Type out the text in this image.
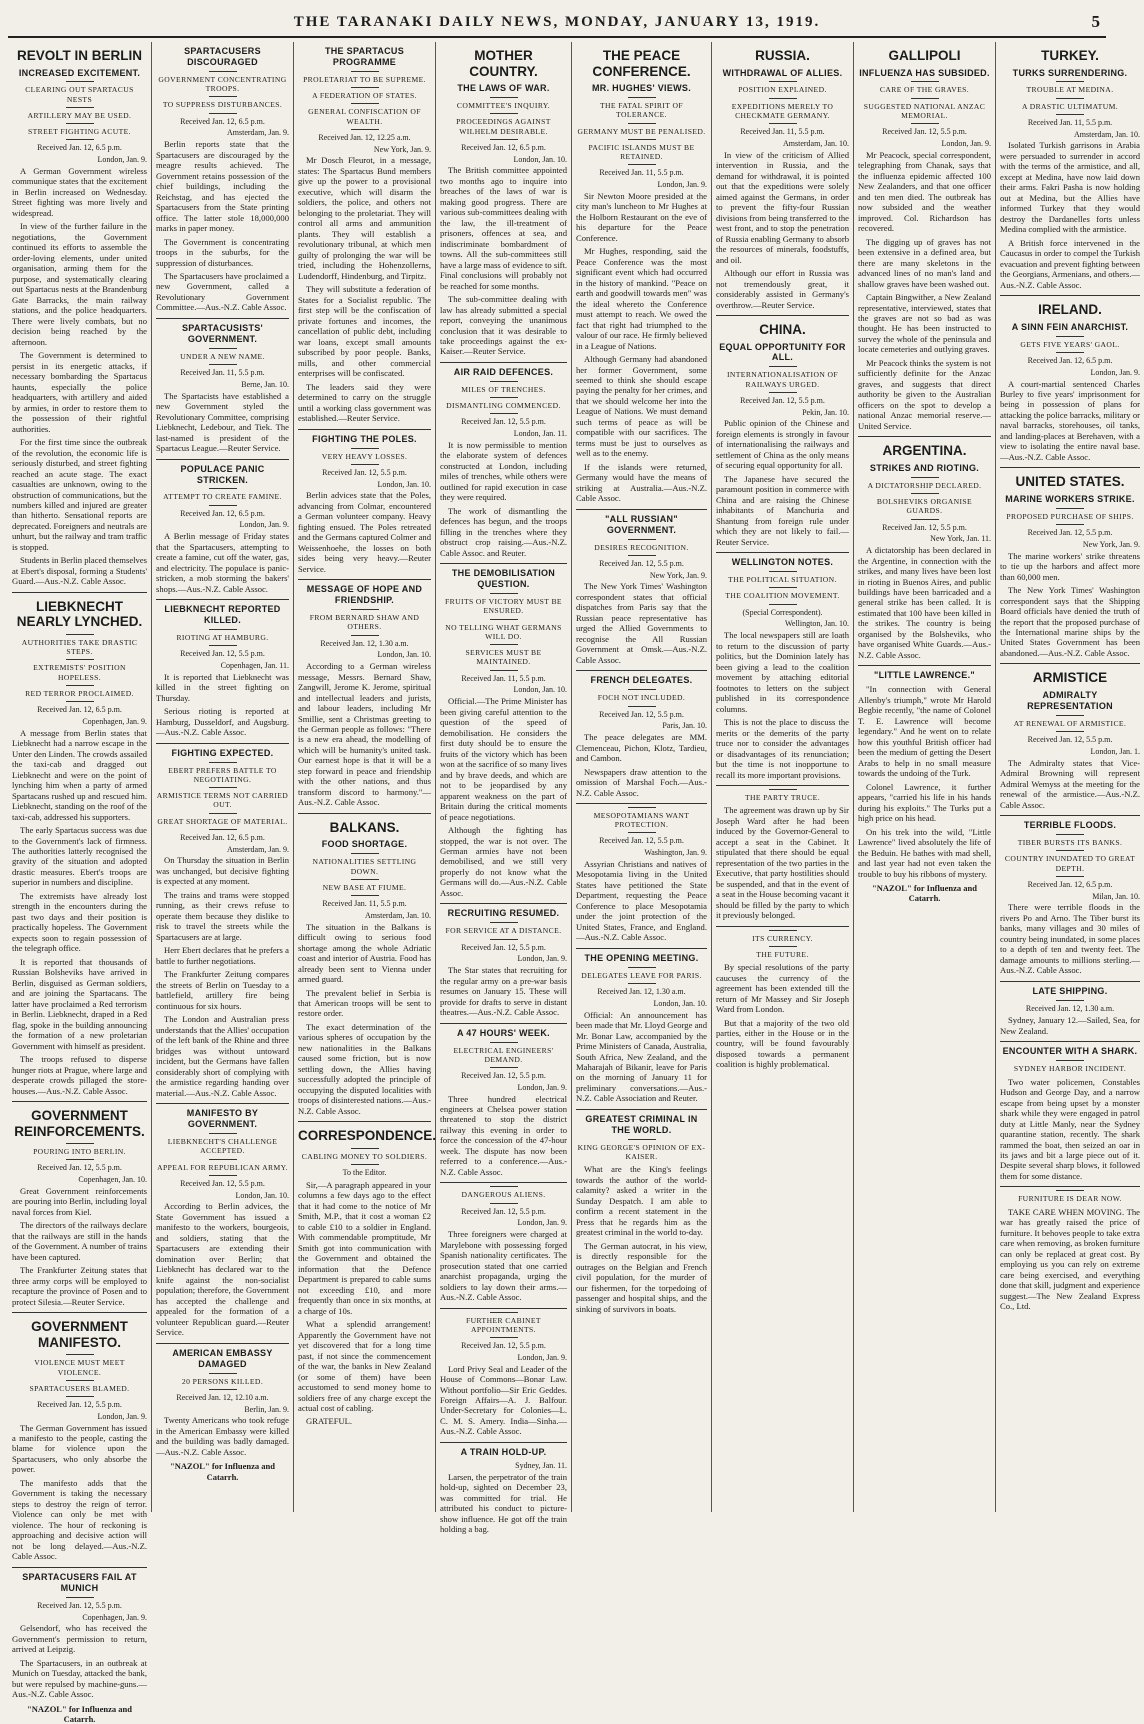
THE TARANAKI DAILY NEWS, MONDAY, JANUARY 13, 1919.	5
REVOLT IN BERLIN
INCREASED EXCITEMENT.
CLEARING OUT SPARTACUS NESTS
ARTILLERY MAY BE USED.
STREET FIGHTING ACUTE.
Received Jan. 12, 6.5 p.m.
London, Jan. 9.

A German Government wireless communique states that the excitement in Berlin increased on Wednesday. Street fighting was more lively and widespread.

In view of the further failure in the negotiations, the Government continued its efforts to assemble the order-loving elements, under united organisation, arming them for the purpose, and systematically clearing out Spartacus nests at the Brandenburg Gate Barracks, the main railway stations, and the police headquarters. There were lively combats, but no decision being reached by the afternoon.

The Government is determined to persist in its energetic attacks, if necessary bombarding the Spartacus haunts, especially the police headquarters, with artillery and aided by armies, in order to restore them to the possession of their rightful authorities.

For the first time since the outbreak of the revolution, the economic life is seriously disturbed, and street fighting reached an acute stage. The exact casualties are unknown, owing to the obstruction of communications, but the numbers killed and injured are greater than hitherto. Sensational reports are deprecated. Foreigners and neutrals are unhurt, but the railway and tram traffic is stopped.

Students in Berlin placed themselves at Ebert's disposal, forming a Students' Guard.—Aus.-N.Z. Cable Assoc.

LIEBKNECHT NEARLY LYNCHED.
AUTHORITIES TAKE DRASTIC STEPS.
EXTREMISTS' POSITION HOPELESS.
RED TERROR PROCLAIMED.
Received Jan. 12, 6.5 p.m.
Copenhagen, Jan. 9.

A message from Berlin states that Liebknecht had a narrow escape in the Unter den Linden. The crowds assailed the taxi-cab and dragged out Liebknecht and were on the point of lynching him when a party of armed Spartacans rushed up and rescued him. Liebknecht, standing on the roof of the taxi-cab, addressed his supporters.

The early Spartacus success was due to the Government's lack of firmness. The authorities latterly recognised the gravity of the situation and adopted drastic measures. Ebert's troops are superior in numbers and discipline.

The extremists have already lost strength in the encounters during the past two days and their position is practically hopeless. The Government expects soon to regain possession of the telegraph office.

It is reported that thousands of Russian Bolsheviks have arrived in Berlin, disguised as German soldiers, and are joining the Spartacans. The latter have proclaimed a Red terrorism in Berlin. Liebknecht, draped in a Red flag, spoke in the building announcing the formation of a new proletarian Government with himself as president.

The troops refused to disperse hunger riots at Prague, where large and desperate crowds pillaged the store-houses.—Aus.-N.Z. Cable Assoc.

GOVERNMENT REINFORCEMENTS.
POURING INTO BERLIN.
Received Jan. 12, 5.5 p.m.
Copenhagen, Jan. 10.

Great Government reinforcements are pouring into Berlin, including loyal naval forces from Kiel.

The directors of the railways declare that the railways are still in the hands of the Government. A number of trains have been captured.

The Frankfurter Zeitung states that three army corps will be employed to recapture the province of Posen and to protect Silesia.—Reuter Service.

GOVERNMENT MANIFESTO.
VIOLENCE MUST MEET VIOLENCE.
SPARTACUSERS BLAMED.
Received Jan. 12, 5.5 p.m.
London, Jan. 9.

The German Government has issued a manifesto to the people, casting the blame for violence upon the Spartacusers, who only absorbe the power.

The manifesto adds that the Government is taking the necessary steps to destroy the reign of terror. Violence can only be met with violence. The hour of reckoning is approaching and decisive action will not be long delayed.—Aus.-N.Z. Cable Assoc.

SPARTACUSERS FAIL AT MUNICH
Received Jan. 12, 5.5 p.m.
Copenhagen, Jan. 9.

Gelsendorf, who has received the Government's permission to return, arrived at Leipzig.

The Spartacusers, in an outbreak at Munich on Tuesday, attacked the bank, but were repulsed by machine-guns.—Aus.-N.Z. Cable Assoc.

"NAZOL" for Influenza and Catarrh.
SPARTACUSERS DISCOURAGED
GOVERNMENT CONCENTRATING TROOPS.
TO SUPPRESS DISTURBANCES.
Received Jan. 12, 6.5 p.m.
Amsterdam, Jan. 9.

Berlin reports state that the Spartacusers are discouraged by the meagre results achieved. The Government retains possession of the chief buildings, including the Reichstag, and has ejected the Spartacusers from the State printing office. The latter stole 18,000,000 marks in paper money.

The Government is concentrating troops in the suburbs, for the suppression of disturbances.

The Spartacusers have proclaimed a new Government, called a Revolutionary Government Committee.—Aus.-N.Z. Cable Assoc.

SPARTACUSISTS' GOVERNMENT.
UNDER A NEW NAME.
Received Jan. 11, 5.5 p.m.
Berne, Jan. 10.

The Spartacists have established a new Government styled the Revolutionary Committee, comprising Liebknecht, Ledebour, and Tiek. The last-named is president of the Spartacus League.—Reuter Service.

POPULACE PANIC STRICKEN.
ATTEMPT TO CREATE FAMINE.
Received Jan. 12, 6.5 p.m.
London, Jan. 9.

A Berlin message of Friday states that the Spartacusers, attempting to create a famine, cut off the water, gas, and electricity. The populace is panic-stricken, a mob storming the bakers' shops.—Aus.-N.Z. Cable Assoc.

LIEBKNECHT REPORTED KILLED.
RIOTING AT HAMBURG.
Received Jan. 12, 5.5 p.m.
Copenhagen, Jan. 11.

It is reported that Liebknecht was killed in the street fighting on Thursday.

Serious rioting is reported at Hamburg, Dusseldorf, and Augsburg.—Aus.-N.Z. Cable Assoc.

FIGHTING EXPECTED.
EBERT PREFERS BATTLE TO NEGOTIATING.
ARMISTICE TERMS NOT CARRIED OUT.
GREAT SHORTAGE OF MATERIAL.
Received Jan. 12, 6.5 p.m.
Amsterdam, Jan. 9.

On Thursday the situation in Berlin was unchanged, but decisive fighting is expected at any moment.

The trains and trams were stopped running, as their crews refuse to operate them because they dislike to risk to travel the streets while the Spartacusers are at large.

Herr Ebert declares that he prefers a battle to further negotiations.

The Frankfurter Zeitung compares the streets of Berlin on Tuesday to a battlefield, artillery fire being continuous for six hours.

The London and Australian press understands that the Allies' occupation of the left bank of the Rhine and three bridges was without untoward incident, but the Germans have fallen considerably short of complying with the armistice regarding handing over material.—Aus.-N.Z. Cable Assoc.

MANIFESTO BY GOVERNMENT.
LIEBKNECHT'S CHALLENGE ACCEPTED.
APPEAL FOR REPUBLICAN ARMY.
Received Jan. 12, 5.5 p.m.
London, Jan. 10.

According to Berlin advices, the State Government has issued a manifesto to the workers, bourgeois, and soldiers, stating that the Spartacusers are extending their domination over Berlin; that Liebknecht has declared war to the knife against the non-socialist population; therefore, the Government has accepted the challenge and appealed for the formation of a volunteer Republican guard.—Reuter Service.

AMERICAN EMBASSY DAMAGED
20 PERSONS KILLED.
Received Jan. 12, 12.10 a.m.
Berlin, Jan. 9.

Twenty Americans who took refuge in the American Embassy were killed and the building was badly damaged.—Aus.-N.Z. Cable Assoc.

"NAZOL" for Influenza and Catarrh.
THE SPARTACUS PROGRAMME
PROLETARIAT TO BE SUPREME.
A FEDERATION OF STATES.
GENERAL CONFISCATION OF WEALTH.
Received Jan. 12, 12.25 a.m.
New York, Jan. 9.

Mr Dosch Fleurot, in a message, states: The Spartacus Bund members give up the power to a provisional executive, which will disarm the soldiers, the police, and others not belonging to the proletariat. They will control all arms and ammunition plants. They will establish a revolutionary tribunal, at which men guilty of prolonging the war will be tried, including the Hohenzollerns, Ludendorff, Hindenburg, and Tirpitz.

They will substitute a federation of States for a Socialist republic. The first step will be the confiscation of private fortunes and incomes, the cancellation of public debt, including war loans, except small amounts subscribed by poor people. Banks, mills, and other commercial enterprises will be confiscated.

The leaders said they were determined to carry on the struggle until a working class government was established.—Reuter Service.

FIGHTING THE POLES.
VERY HEAVY LOSSES.
Received Jan. 12, 5.5 p.m.
London, Jan. 10.

Berlin advices state that the Poles, advancing from Colmar, encountered a German volunteer company. Heavy fighting ensued. The Poles retreated and the Germans captured Colmer and Weissenhoehe, the losses on both sides being very heavy.—Reuter Service.

MESSAGE OF HOPE AND FRIENDSHIP.
FROM BERNARD SHAW AND OTHERS.
Received Jan. 12, 1.30 a.m.
London, Jan. 10.

According to a German wireless message, Messrs. Bernard Shaw, Zangwill, Jerome K. Jerome, spiritual and intellectual leaders and jurists, and labour leaders, including Mr Smillie, sent a Christmas greeting to the German people as follows: "There is a new era ahead, the modelling of which will be humanity's united task. Our earnest hope is that it will be a step forward in peace and friendship with the other nations, and thus transform discord to harmony."—Aus.-N.Z. Cable Assoc.

BALKANS.
FOOD SHORTAGE.
NATIONALITIES SETTLING DOWN.
NEW BASE AT FIUME.
Received Jan. 11, 5.5 p.m.
Amsterdam, Jan. 10.

The situation in the Balkans is difficult owing to serious food shortage among the whole Adriatic coast and interior of Austria. Food has already been sent to Vienna under armed guard.

The prevalent belief in Serbia is that American troops will be sent to restore order.

The exact determination of the various spheres of occupation by the new nationalities in the Balkans caused some friction, but is now settling down, the Allies having successfully adopted the principle of occupying the disputed localities with troops of disinterested nations.—Aus.-N.Z. Cable Assoc.

CORRESPONDENCE.
CABLING MONEY TO SOLDIERS.
To the Editor.

Sir,—A paragraph appeared in your columns a few days ago to the effect that it had come to the notice of Mr Smith, M.P., that it cost a woman £2 to cable £10 to a soldier in England. With commendable promptitude, Mr Smith got into communication with the Government and obtained the information that the Defence Department is prepared to cable sums not exceeding £10, and more frequently than once in six months, at a charge of 10s.

What a splendid arrangement! Apparently the Government have not yet discovered that for a long time past, if not since the commencement of the war, the banks in New Zealand (or some of them) have been accustomed to send money home to soldiers free of any charge except the actual cost of cabling.

GRATEFUL.

MOTHER COUNTRY.
THE LAWS OF WAR.
COMMITTEE'S INQUIRY.
PROCEEDINGS AGAINST WILHELM DESIRABLE.
Received Jan. 12, 6.5 p.m.
London, Jan. 10.

The British committee appointed two months ago to inquire into breaches of the laws of war is making good progress. There are various sub-committees dealing with the law, the ill-treatment of prisoners, offences at sea, and indiscriminate bombardment of towns. All the sub-committees still have a large mass of evidence to sift. Final conclusions will probably not be reached for some months.

The sub-committee dealing with law has already submitted a special report, conveying the unanimous conclusion that it was desirable to take proceedings against the ex-Kaiser.—Reuter Service.

AIR RAID DEFENCES.
MILES OF TRENCHES.
DISMANTLING COMMENCED.
Received Jan. 12, 5.5 p.m.
London, Jan. 11.

It is now permissible to mention the elaborate system of defences constructed at London, including miles of trenches, while others were outlined for rapid execution in case they were required.

The work of dismantling the defences has begun, and the troops filling in the trenches where they obstruct crop raising.—Aus.-N.Z. Cable Assoc. and Reuter.

THE DEMOBILISATION QUESTION.
FRUITS OF VICTORY MUST BE ENSURED.
NO TELLING WHAT GERMANS WILL DO.
SERVICES MUST BE MAINTAINED.
Received Jan. 11, 5.5 p.m.
London, Jan. 10.

Official.—The Prime Minister has been giving careful attention to the question of the speed of demobilisation. He considers the first duty should be to ensure the fruits of the victory which has been won at the sacrifice of so many lives and by brave deeds, and which are not to be jeopardised by any apparent weakness on the part of Britain during the critical moments of peace negotiations.

Although the fighting has stopped, the war is not over. The German armies have not been demobilised, and we still very properly do not know what the Germans will do.—Aus.-N.Z. Cable Assoc.

RECRUITING RESUMED.
FOR SERVICE AT A DISTANCE.
Received Jan. 12, 5.5 p.m.
London, Jan. 9.

The Star states that recruiting for the regular army on a pre-war basis resumes on January 15. These will provide for drafts to serve in distant theatres.—Aus.-N.Z. Cable Assoc.

A 47 HOURS' WEEK.
ELECTRICAL ENGINEERS' DEMAND.
Received Jan. 12, 5.5 p.m.
London, Jan. 9.

Three hundred electrical engineers at Chelsea power station threatened to stop the district railway this evening in order to force the concession of the 47-hour week. The dispute has now been referred to a conference.—Aus.-N.Z. Cable Assoc.

DANGEROUS ALIENS.
Received Jan. 12, 5.5 p.m.
London, Jan. 9.

Three foreigners were charged at Marylebone with possessing forged Spanish nationality certificates. The prosecution stated that one carried anarchist propaganda, urging the soldiers to lay down their arms.—Aus.-N.Z. Cable Assoc.

FURTHER CABINET APPOINTMENTS.
Received Jan. 12, 5.5 p.m.
London, Jan. 9.

Lord Privy Seal and Leader of the House of Commons—Bonar Law. Without portfolio—Sir Eric Geddes. Foreign Affairs—A. J. Balfour. Under-Secretary for Colonies—L. C. M. S. Amery. India—Sinha.—Aus.-N.Z. Cable Assoc.

A TRAIN HOLD-UP.
Sydney, Jan. 11.

Larsen, the perpetrator of the train hold-up, sighted on December 23, was committed for trial. He attributed his conduct to picture-show influence. He got off the train holding a bag.

THE PEACE CONFERENCE.
MR. HUGHES' VIEWS.
THE FATAL SPIRIT OF TOLERANCE.
GERMANY MUST BE PENALISED.
PACIFIC ISLANDS MUST BE RETAINED.
Received Jan. 11, 5.5 p.m.
London, Jan. 9.

Sir Newton Moore presided at the city man's luncheon to Mr Hughes at the Holborn Restaurant on the eve of his departure for the Peace Conference.

Mr Hughes, responding, said the Peace Conference was the most significant event which had occurred in the history of mankind. "Peace on earth and goodwill towards men" was the ideal whereto the Conference must attempt to reach. We owed the fact that right had triumphed to the valour of our race. He firmly believed in a League of Nations.

Although Germany had abandoned her former Government, some seemed to think she should escape paying the penalty for her crimes, and that we should welcome her into the League of Nations. We must demand such terms of peace as will be compatible with our sacrifices. The terms must be just to ourselves as well as to the enemy.

If the islands were returned, Germany would have the means of striking at Australia.—Aus.-N.Z. Cable Assoc.

"ALL RUSSIAN" GOVERNMENT.
DESIRES RECOGNITION.
Received Jan. 12, 5.5 p.m.
New York, Jan. 9.

The New York Times' Washington correspondent states that official dispatches from Paris say that the Russian peace representative has urged the Allied Governments to recognise the All Russian Government at Omsk.—Aus.-N.Z. Cable Assoc.

FRENCH DELEGATES.
FOCH NOT INCLUDED.
Received Jan. 12, 5.5 p.m.
Paris, Jan. 10.

The peace delegates are MM. Clemenceau, Pichon, Klotz, Tardieu, and Cambon.

Newspapers draw attention to the omission of Marshal Foch.—Aus.-N.Z. Cable Assoc.

MESOPOTAMIANS WANT PROTECTION.
Received Jan. 12, 5.5 p.m.
Washington, Jan. 9.

Assyrian Christians and natives of Mesopotamia living in the United States have petitioned the State Department, requesting the Peace Conference to place Mesopotamia under the joint protection of the United States, France, and England.—Aus.-N.Z. Cable Assoc.

THE OPENING MEETING.
DELEGATES LEAVE FOR PARIS.
Received Jan. 12, 1.30 a.m.
London, Jan. 10.

Official: An announcement has been made that Mr. Lloyd George and Mr. Bonar Law, accompanied by the Prime Ministers of Canada, Australia, South Africa, New Zealand, and the Maharajah of Bikanir, leave for Paris on the morning of January 11 for preliminary conversations.—Aus.-N.Z. Cable Association and Reuter.

GREATEST CRIMINAL IN THE WORLD.
KING GEORGE'S OPINION OF EX-KAISER.

What are the King's feelings towards the author of the world-calamity? asked a writer in the Sunday Despatch. I am able to confirm a recent statement in the Press that he regards him as the greatest criminal in the world to-day.

The German autocrat, in his view, is directly responsible for the outrages on the Belgian and French civil population, for the murder of our fishermen, for the torpedoing of passenger and hospital ships, and the sinking of survivors in boats.

RUSSIA.
WITHDRAWAL OF ALLIES.
POSITION EXPLAINED.
EXPEDITIONS MERELY TO CHECKMATE GERMANY.
Received Jan. 11, 5.5 p.m.
Amsterdam, Jan. 10.

In view of the criticism of Allied intervention in Russia, and the demand for withdrawal, it is pointed out that the expeditions were solely aimed against the Germans, in order to prevent the fifty-four Russian divisions from being transferred to the west front, and to stop the penetration of Russia enabling Germany to absorb the resources of minerals, foodstuffs, and oil.

Although our effort in Russia was not tremendously great, it considerably assisted in Germany's overthrow.—Reuter Service.

CHINA.
EQUAL OPPORTUNITY FOR ALL.
INTERNATIONALISATION OF RAILWAYS URGED.
Received Jan. 12, 5.5 p.m.
Pekin, Jan. 10.

Public opinion of the Chinese and foreign elements is strongly in favour of internationalising the railways and settlement of China as the only means of securing equal opportunity for all.

The Japanese have secured the paramount position in commerce with China and are raising the Chinese inhabitants of Manchuria and Shantung from foreign rule under which they are not likely to fail.—Reuter Service.

WELLINGTON NOTES.
THE POLITICAL SITUATION.
THE COALITION MOVEMENT.
(Special Correspondent).
Wellington, Jan. 10.

The local newspapers still are loath to return to the discussion of party politics, but the Dominion lately has been giving a lead to the coalition movement by attaching editorial footnotes to letters on the subject published in its correspondence columns.

This is not the place to discuss the merits or the demerits of the party truce nor to consider the advantages or disadvantages of its renunciation; but the time is not inopportune to recall its more important provisions.

THE PARTY TRUCE.

The agreement was drawn up by Sir Joseph Ward after he had been induced by the Governor-General to accept a seat in the Cabinet. It stipulated that there should be equal representation of the two parties in the Executive, that party hostilities should be suspended, and that in the event of a seat in the House becoming vacant it should be filled by the party to which it previously belonged.

ITS CURRENCY.
THE FUTURE.

By special resolutions of the party caucuses the currency of the agreement has been extended till the return of Mr Massey and Sir Joseph Ward from London.

But that a majority of the two old parties, either in the House or in the country, will be found favourably disposed towards a permanent coalition is highly problematical.

GALLIPOLI
INFLUENZA HAS SUBSIDED.
CARE OF THE GRAVES.
SUGGESTED NATIONAL ANZAC MEMORIAL.
Received Jan. 12, 5.5 p.m.
London, Jan. 9.

Mr Peacock, special correspondent, telegraphing from Chanak, says that the influenza epidemic affected 100 New Zealanders, and that one officer and ten men died. The outbreak has now subsided and the weather improved. Col. Richardson has recovered.

The digging up of graves has not been extensive in a defined area, but there are many skeletons in the advanced lines of no man's land and shallow graves have been washed out.

Captain Bingwither, a New Zealand representative, interviewed, states that the graves are not so bad as was thought. He has been instructed to survey the whole of the peninsula and locate cemeteries and outlying graves.

Mr Peacock thinks the system is not sufficiently definite for the Anzac graves, and suggests that direct authority be given to the Australian officers on the spot to develop a national Anzac memorial reserve.—United Service.

ARGENTINA.
STRIKES AND RIOTING.
A DICTATORSHIP DECLARED.
BOLSHEVIKS ORGANISE GUARDS.
Received Jan. 12, 5.5 p.m.
New York, Jan. 11.

A dictatorship has been declared in the Argentine, in connection with the strikes, and many lives have been lost in rioting in Buenos Aires, and public buildings have been barricaded and a general strike has been called. It is estimated that 100 have been killed in the strikes. The country is being organised by the Bolsheviks, who have organised White Guards.—Aus.-N.Z. Cable Assoc.

"LITTLE LAWRENCE."

"In connection with General Allenby's triumph," wrote Mr Harold Begbie recently, "the name of Colonel T. E. Lawrence will become legendary." And he went on to relate how this youthful British officer had been the medium of getting the Desert Arabs to help in no small measure towards the undoing of the Turk.

Colonel Lawrence, it further appears, "carried his life in his hands during his exploits." The Turks put a high price on his head.

On his trek into the wild, "Little Lawrence" lived absolutely the life of the Beduin. He bathes with mad shell, and last year had not even taken the trouble to buy his ribbons of mystery.

"NAZOL" for Influenza and Catarrh.
TURKEY.
TURKS SURRENDERING.
TROUBLE AT MEDINA.
A DRASTIC ULTIMATUM.
Received Jan. 11, 5.5 p.m.
Amsterdam, Jan. 10.

Isolated Turkish garrisons in Arabia were persuaded to surrender in accord with the terms of the armistice, and all, except at Medina, have now laid down their arms. Fakri Pasha is now holding out at Medina, but the Allies have informed Turkey that they would destroy the Dardanelles forts unless Medina complied with the armistice.

A British force intervened in the Caucasus in order to compel the Turkish evacuation and prevent fighting between the Georgians, Armenians, and others.—Aus.-N.Z. Cable Assoc.

IRELAND.
A SINN FEIN ANARCHIST.
GETS FIVE YEARS' GAOL.
Received Jan. 12, 6.5 p.m.
London, Jan. 9.

A court-martial sentenced Charles Burley to five years' imprisonment for being in possession of plans for attacking the police barracks, military or naval barracks, storehouses, oil tanks, and landing-places at Berehaven, with a view to isolating the entire naval base.—Aus.-N.Z. Cable Assoc.

UNITED STATES.
MARINE WORKERS STRIKE.
PROPOSED PURCHASE OF SHIPS.
Received Jan. 12, 5.5 p.m.
New York, Jan. 9.

The marine workers' strike threatens to tie up the harbors and affect more than 60,000 men.

The New York Times' Washington correspondent says that the Shipping Board officials have denied the truth of the report that the proposed purchase of the International marine ships by the United States Government has been abandoned.—Aus.-N.Z. Cable Assoc.

ARMISTICE
ADMIRALTY REPRESENTATION
AT RENEWAL OF ARMISTICE.
Received Jan. 12, 5.5 p.m.
London, Jan. 1.

The Admiralty states that Vice-Admiral Browning will represent Admiral Wemyss at the meeting for the renewal of the armistice.—Aus.-N.Z. Cable Assoc.

TERRIBLE FLOODS.
TIBER BURSTS ITS BANKS.
COUNTRY INUNDATED TO GREAT DEPTH.
Received Jan. 12, 6.5 p.m.
Milan, Jan. 10.

There were terrible floods in the rivers Po and Arno. The Tiber burst its banks, many villages and 30 miles of country being inundated, in some places to a depth of ten and twenty feet. The damage amounts to millions sterling.—Aus.-N.Z. Cable Assoc.

LATE SHIPPING.
Received Jan. 12, 1.30 a.m.

Sydney, January 12.—Sailed, Sea, for New Zealand.

ENCOUNTER WITH A SHARK.
SYDNEY HARBOR INCIDENT.

Two water policemen, Constables Hudson and George Day, and a narrow escape from being upset by a monster shark while they were engaged in patrol duty at Little Manly, near the Sydney quarantine station, recently. The shark rammed the boat, then seized an oar in its jaws and bit a large piece out of it. Despite several sharp blows, it followed them for some distance.

FURNITURE IS DEAR NOW.

TAKE CARE WHEN MOVING. The war has greatly raised the price of furniture. It behoves people to take extra care when removing, as broken furniture can only be replaced at great cost. By employing us you can rely on extreme care being exercised, and everything done that skill, judgment and experience suggest.—The New Zealand Express Co., Ltd.
